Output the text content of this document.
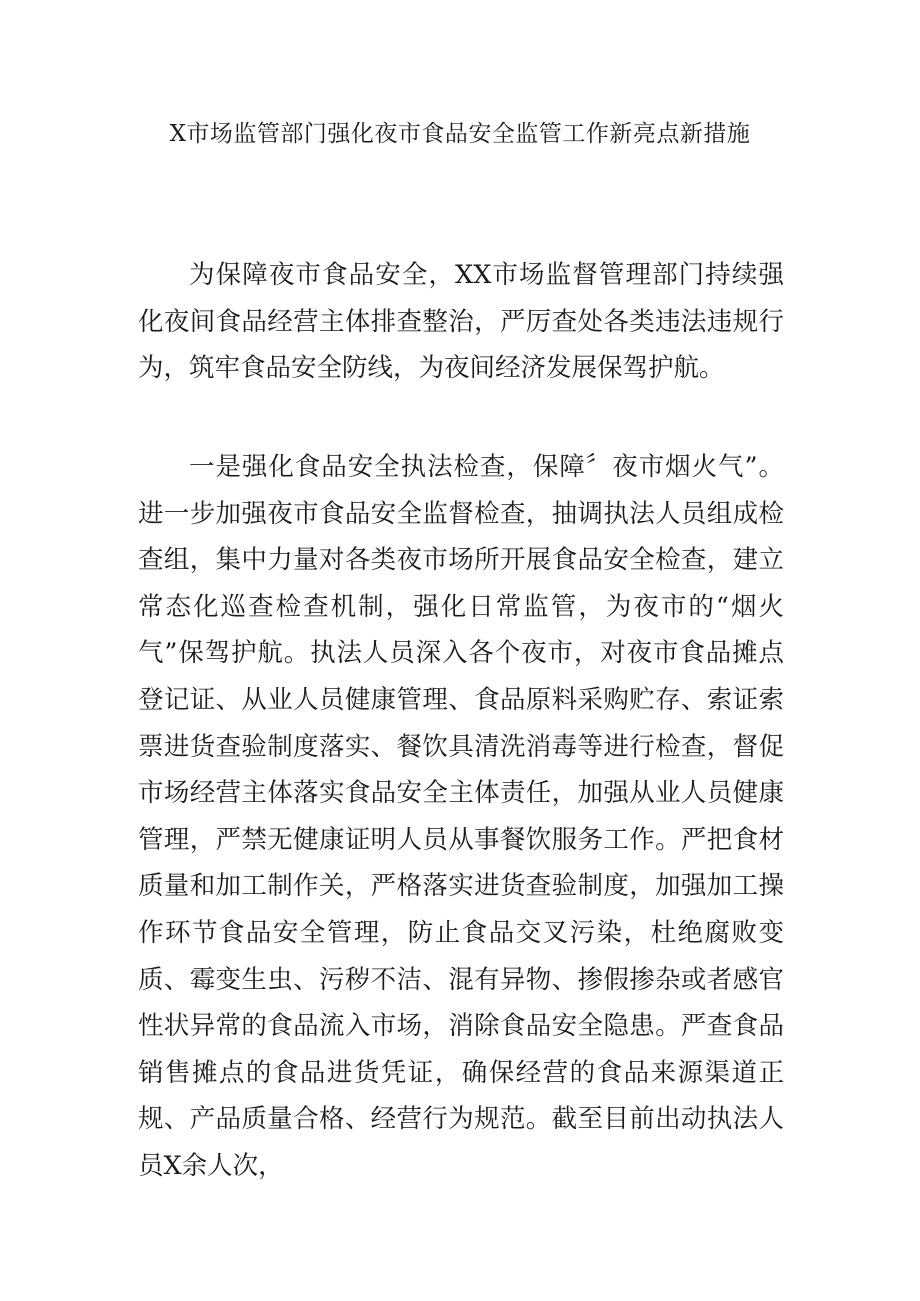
X市场监管部门强化夜市食品安全监管工作新亮点新措施

为保障夜市食品安全，XX市场监督管理部门持续强化夜间食品经营主体排查整治，严厉查处各类违法违规行为，筑牢食品安全防线，为夜间经济发展保驾护航。

一是强化食品安全执法检查，保障〞夜市烟火气”。进一步加强夜市食品安全监督检查，抽调执法人员组成检查组，集中力量对各类夜市场所开展食品安全检查，建立常态化巡查检查机制，强化日常监管，为夜市的“烟火气”保驾护航。执法人员深入各个夜市，对夜市食品摊点登记证、从业人员健康管理、食品原料采购贮存、索证索票进货查验制度落实、餐饮具清洗消毒等进行检查，督促市场经营主体落实食品安全主体责任，加强从业人员健康管理，严禁无健康证明人员从事餐饮服务工作。严把食材质量和加工制作关，严格落实进货查验制度，加强加工操作环节食品安全管理，防止食品交叉污染，杜绝腐败变质、霉变生虫、污秽不洁、混有异物、掺假掺杂或者感官性状异常的食品流入市场，消除食品安全隐患。严查食品销售摊点的食品进货凭证，确保经营的食品来源渠道正规、产品质量合格、经营行为规范。截至目前出动执法人员X余人次，
